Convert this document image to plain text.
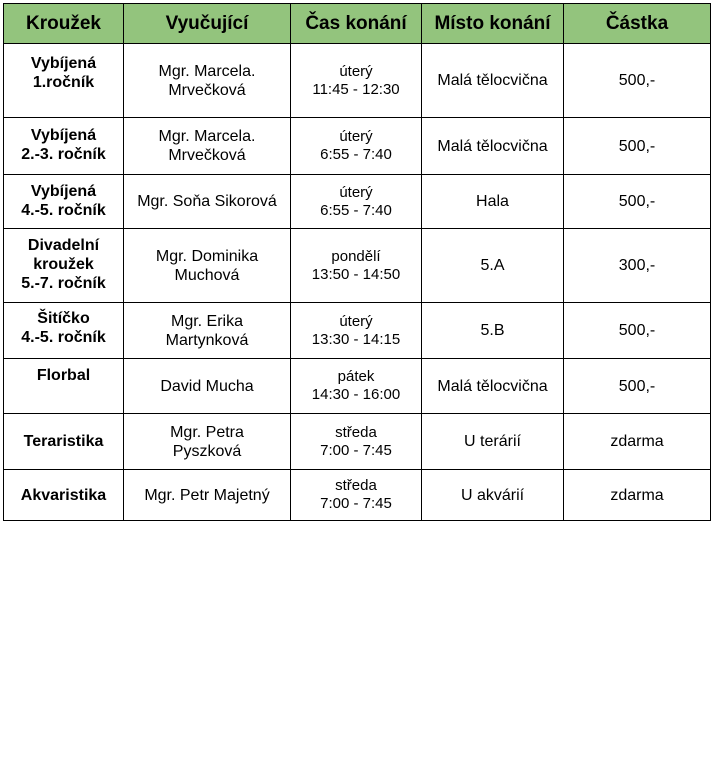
Kroužek	Vyučující	Čas konání	Místo konání	Částka

Vybíjená
1.ročník	Mgr. Marcela.
Mrvečková	úterý
11:45 - 12:30	Malá tělocvična	500,-

Vybíjená
2.-3. ročník	Mgr. Marcela.
Mrvečková	úterý
6:55 - 7:40	Malá tělocvična	500,-

Vybíjená
4.-5. ročník	Mgr. Soňa Sikorová	úterý
6:55 - 7:40	Hala	500,-

Divadelní
kroužek
5.-7. ročník	Mgr. Dominika
Muchová	pondělí
13:50 - 14:50	5.A	300,-

Šitíčko
4.-5. ročník	Mgr. Erika
Martynková	úterý
13:30 - 14:15	5.B	500,-

Florbal	David Mucha	pátek
14:30 - 16:00	Malá tělocvična	500,-

Teraristika	Mgr. Petra
Pyszková	středa
7:00 - 7:45	U terárií	zdarma

Akvaristika	Mgr. Petr Majetný	středa
7:00 - 7:45	U akvárií	zdarma
